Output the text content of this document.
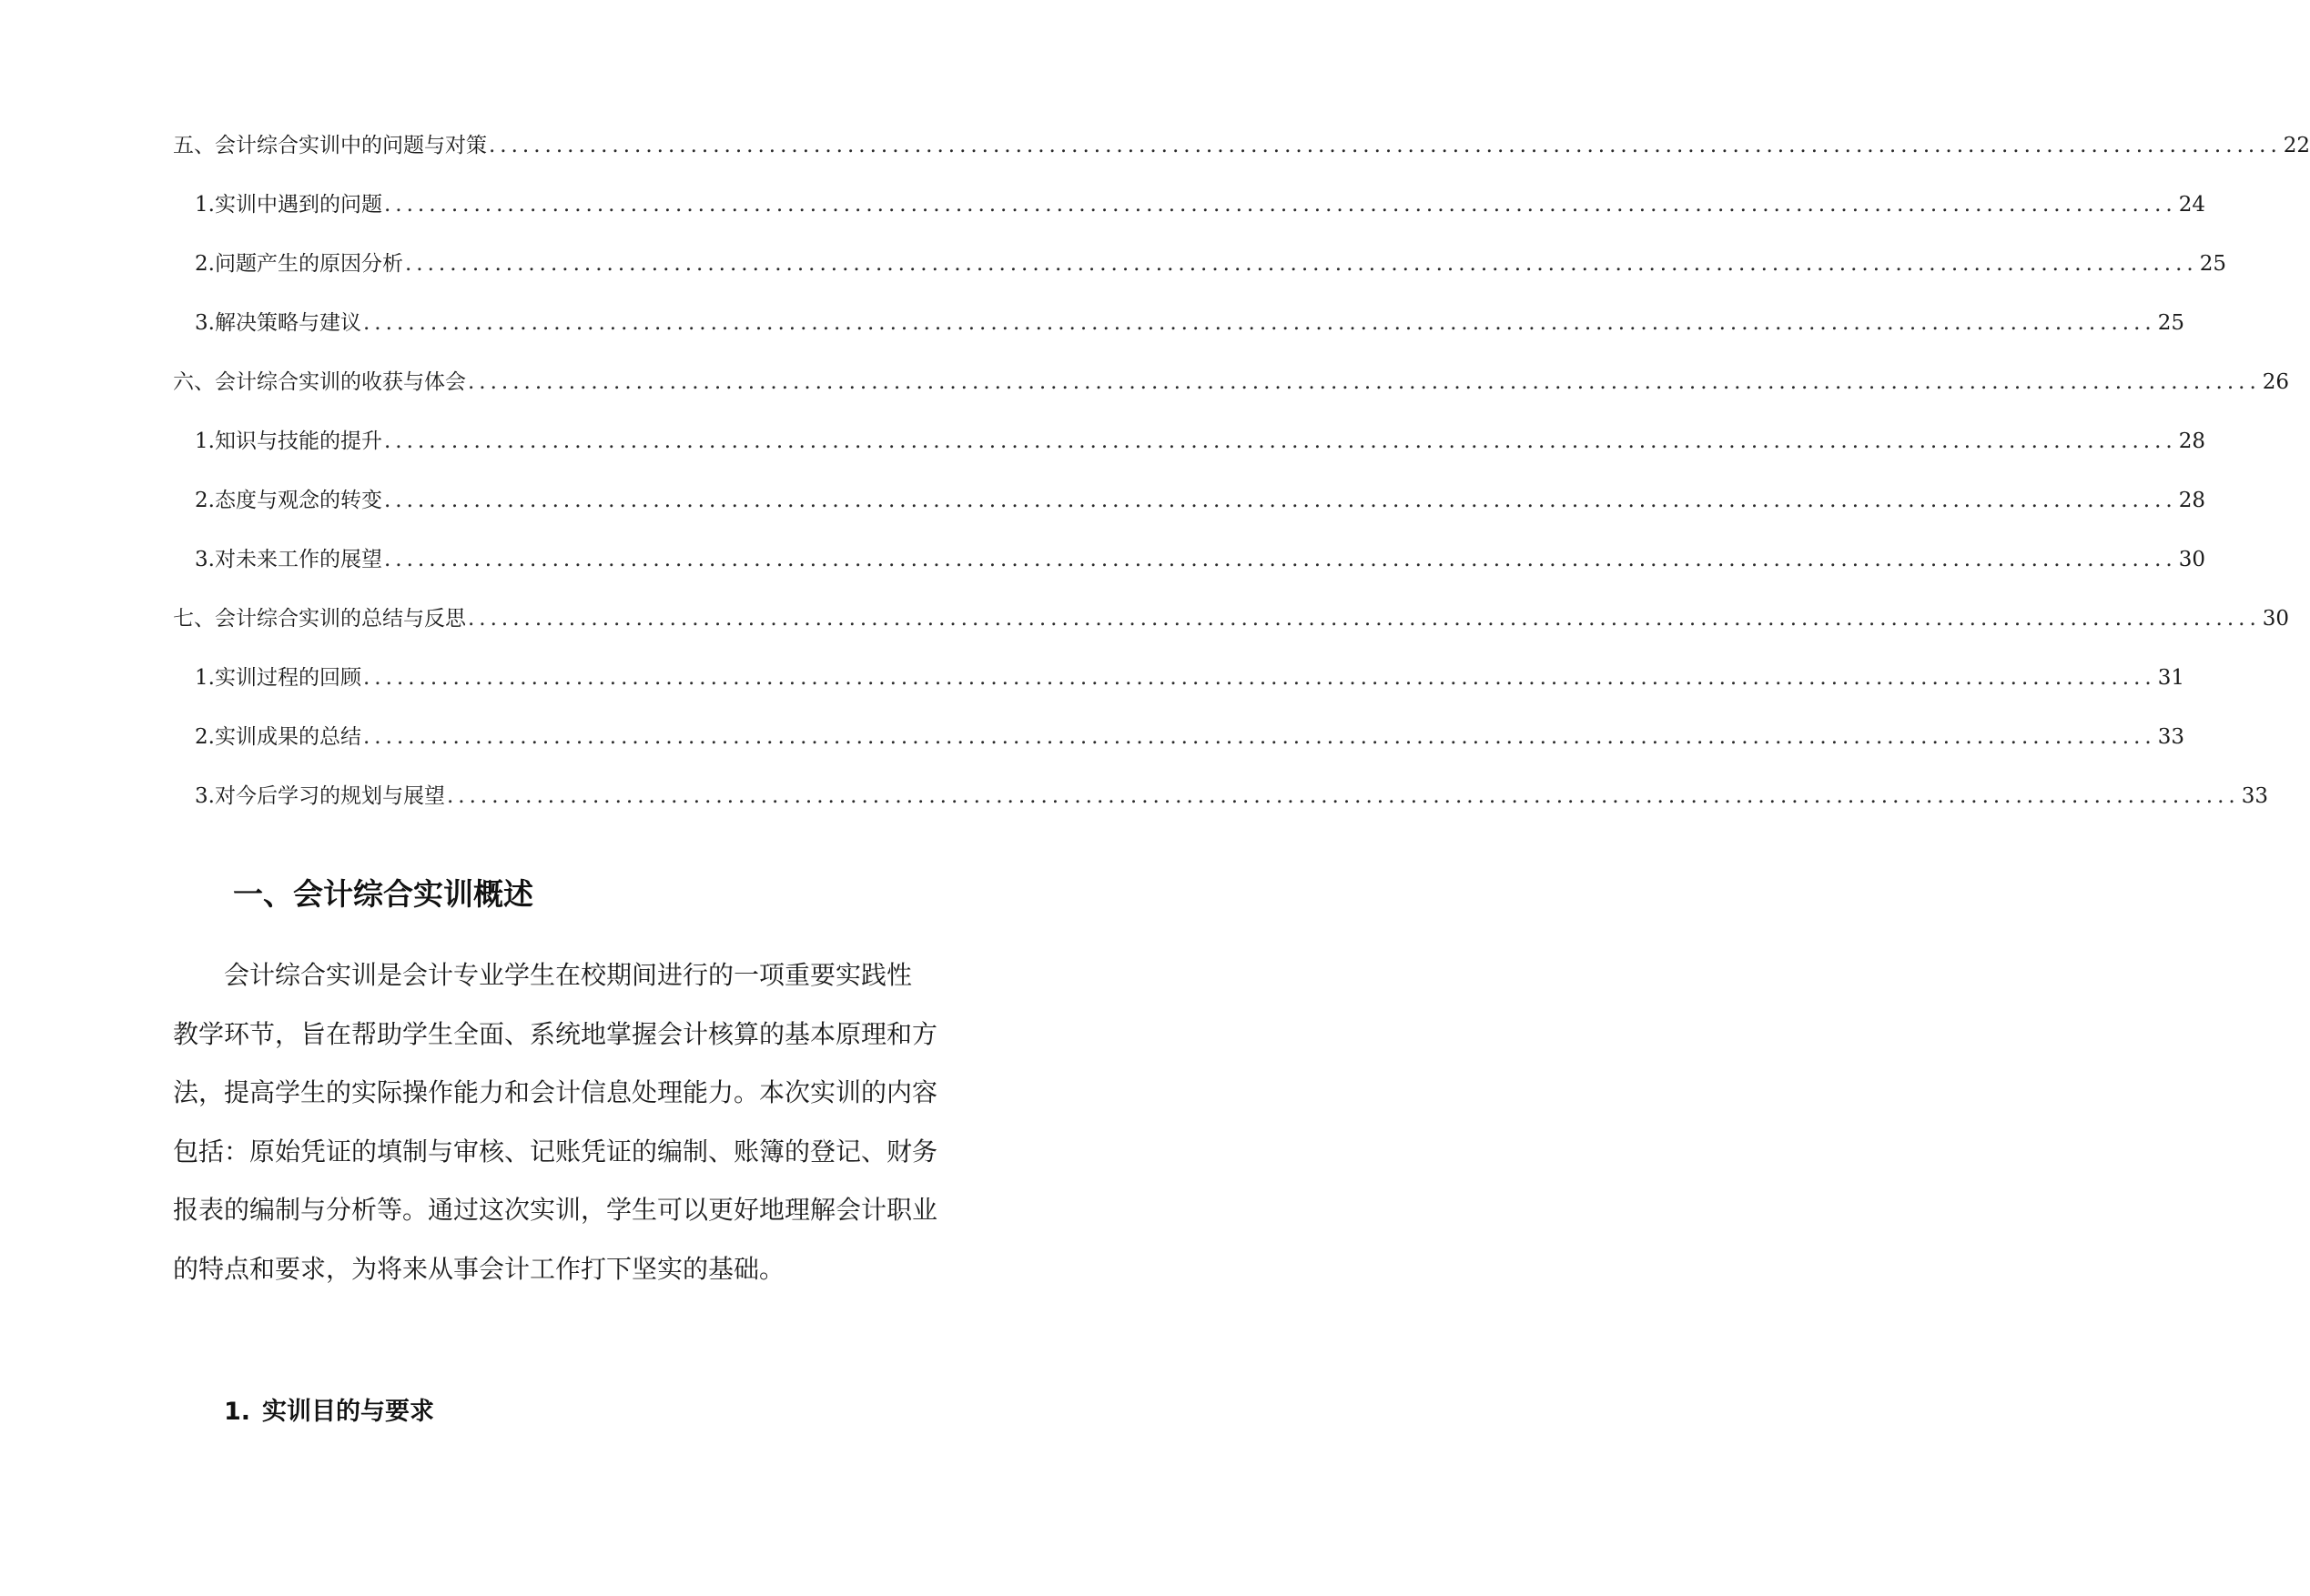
五、会计综合实训中的问题与对策 ................................................................................................................................................................ 22
1. 实训中遇到的问题 ................................................................................................................................................................ 24
2. 问题产生的原因分析 ................................................................................................................................................................ 25
3. 解决策略与建议 ................................................................................................................................................................ 25
六、会计综合实训的收获与体会 ................................................................................................................................................................ 26
1. 知识与技能的提升 ................................................................................................................................................................ 28
2. 态度与观念的转变 ................................................................................................................................................................ 28
3. 对未来工作的展望 ................................................................................................................................................................ 30
七、会计综合实训的总结与反思 ................................................................................................................................................................ 30
1. 实训过程的回顾 ................................................................................................................................................................ 31
2. 实训成果的总结 ................................................................................................................................................................ 33
3. 对今后学习的规划与展望 ................................................................................................................................................................ 33
一、会计综合实训概述
会计综合实训是会计专业学生在校期间进行的一项重要实践性
教学环节，旨在帮助学生全面、系统地掌握会计核算的基本原理和方
法，提高学生的实际操作能力和会计信息处理能力。本次实训的内容
包括：原始凭证的填制与审核、记账凭证的编制、账簿的登记、财务
报表的编制与分析等。通过这次实训，学生可以更好地理解会计职业
的特点和要求，为将来从事会计工作打下坚实的基础。
1. 实训目的与要求
